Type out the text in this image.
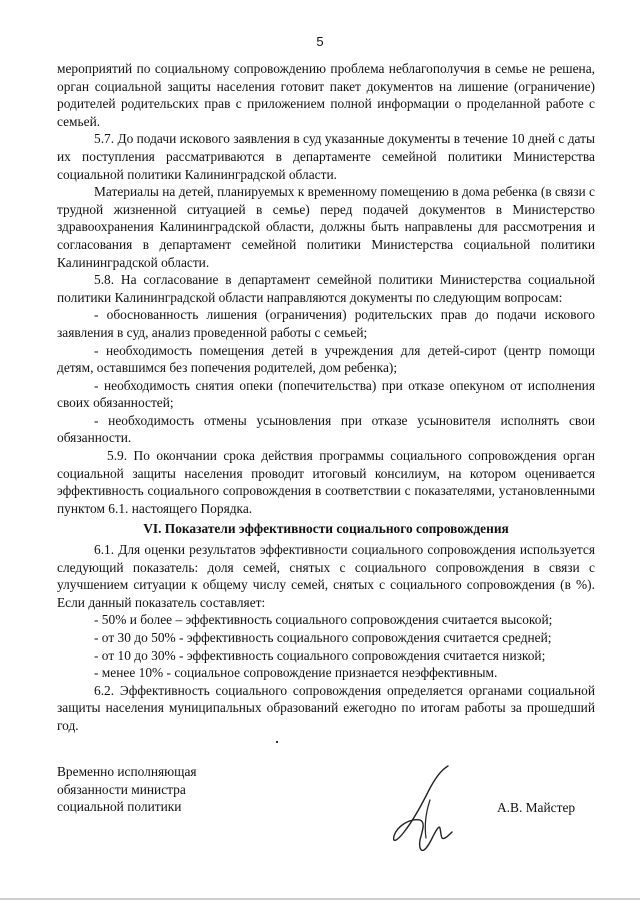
5

мероприятий по социальному сопровождению проблема неблагополучия в семье не решена, орган социальной защиты населения готовит пакет документов на лишение (ограничение) родителей родительских прав с приложением полной информации о проделанной работе с семьей.

5.7. До подачи искового заявления в суд указанные документы в течение 10 дней с даты их поступления рассматриваются в департаменте семейной политики Министерства социальной политики Калининградской области.

Материалы на детей, планируемых к временному помещению в дома ребенка (в связи с трудной жизненной ситуацией в семье) перед подачей документов в Министерство здравоохранения Калининградской области, должны быть направлены для рассмотрения и согласования в департамент семейной политики Министерства социальной политики Калининградской области.

5.8. На согласование в департамент семейной политики Министерства социальной политики Калининградской области направляются документы по следующим вопросам:

- обоснованность лишения (ограничения) родительских прав до подачи искового заявления в суд, анализ проведенной работы с семьей;

- необходимость помещения детей в учреждения для детей-сирот (центр помощи детям, оставшимся без попечения родителей, дом ребенка);

- необходимость снятия опеки (попечительства) при отказе опекуном от исполнения своих обязанностей;

- необходимость отмены усыновления при отказе усыновителя исполнять свои обязанности.

5.9. По окончании срока действия программы социального сопровождения орган социальной защиты населения проводит итоговый консилиум, на котором оценивается эффективность социального сопровождения в соответствии с показателями, установленными пунктом 6.1. настоящего Порядка.

VI. Показатели эффективности социального сопровождения

6.1. Для оценки результатов эффективности социального сопровождения используется следующий показатель: доля семей, снятых с социального сопровождения в связи с улучшением ситуации к общему числу семей, снятых с социального сопровождения (в %). Если данный показатель составляет:

- 50% и более – эффективность социального сопровождения считается высокой;

- от 30 до 50% - эффективность социального сопровождения считается средней;

- от 10 до 30% - эффективность социального сопровождения считается низкой;

- менее 10% - социальное сопровождение признается неэффективным.

6.2. Эффективность социального сопровождения определяется органами социальной защиты населения муниципальных образований ежегодно по итогам работы за прошедший год.

Временно исполняющая
обязанности министра
социальной политики	А.В. Майстер
